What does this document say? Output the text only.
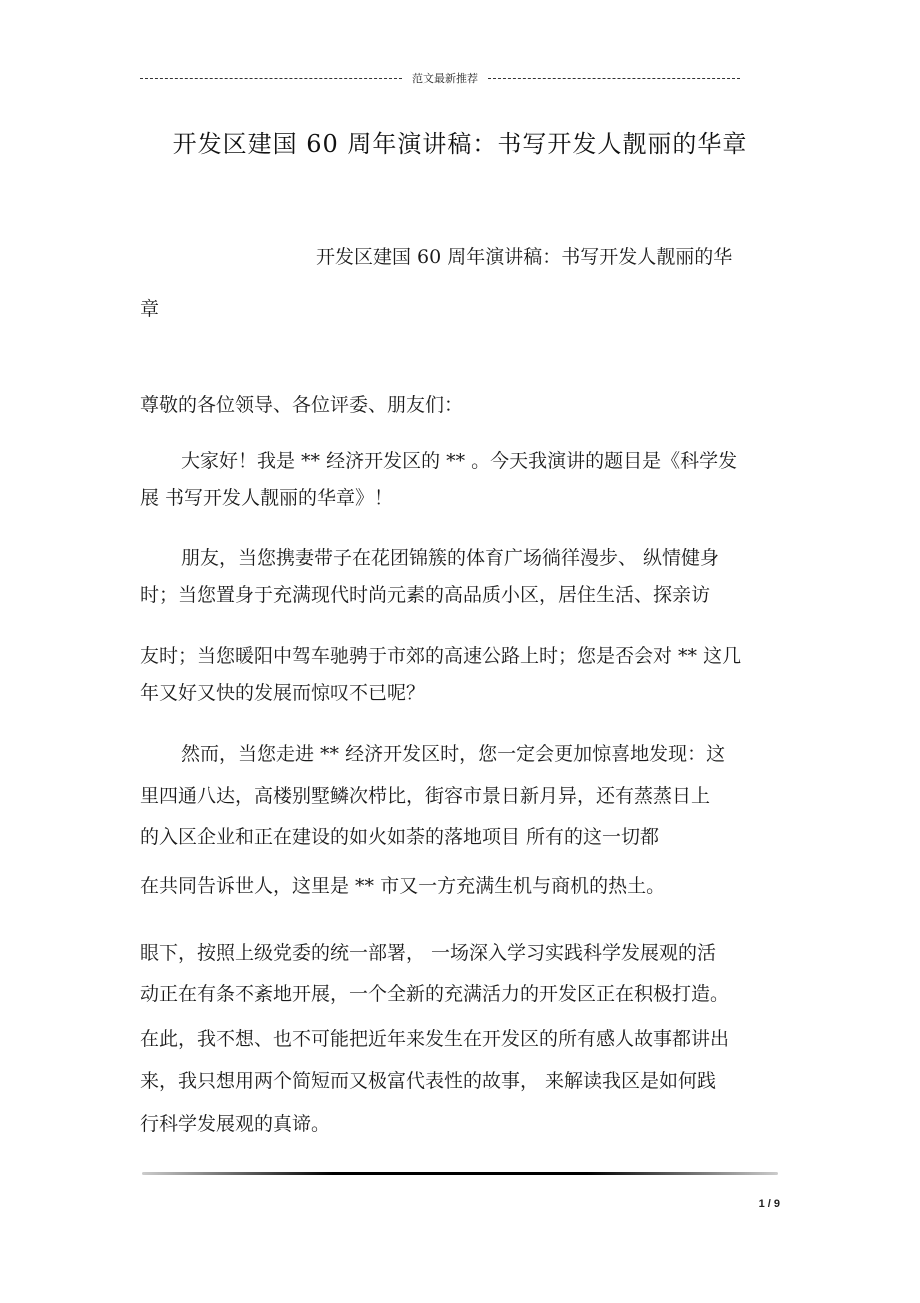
范文最新推荐
开发区建国 60 周年演讲稿：书写开发人靓丽的华章
开发区建国 60 周年演讲稿：书写开发人靓丽的华
章
尊敬的各位领导、各位评委、朋友们：
大家好！我是 ** 经济开发区的 ** 。今天我演讲的题目是《科学发
展 书写开发人靓丽的华章》！
朋友，当您携妻带子在花团锦簇的体育广场徜徉漫步、 纵情健身
时；当您置身于充满现代时尚元素的高品质小区，居住生活、探亲访
友时；当您暖阳中驾车驰骋于市郊的高速公路上时；您是否会对 ** 这几
年又好又快的发展而惊叹不已呢？
然而，当您走进 ** 经济开发区时，您一定会更加惊喜地发现：这
里四通八达，高楼别墅鳞次栉比，街容市景日新月异，还有蒸蒸日上
的入区企业和正在建设的如火如荼的落地项目 所有的这一切都
在共同告诉世人，这里是 ** 市又一方充满生机与商机的热土。
眼下，按照上级党委的统一部署， 一场深入学习实践科学发展观的活
动正在有条不紊地开展，一个全新的充满活力的开发区正在积极打造。
在此，我不想、也不可能把近年来发生在开发区的所有感人故事都讲出
来，我只想用两个简短而又极富代表性的故事， 来解读我区是如何践
行科学发展观的真谛。
1 / 9
